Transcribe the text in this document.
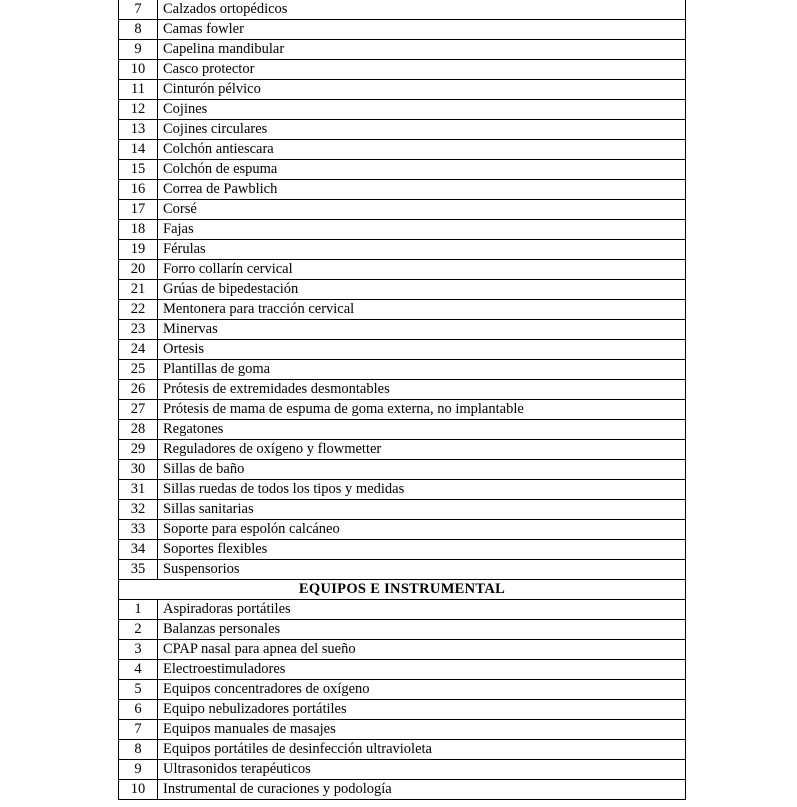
7	Calzados ortopédicos
8	Camas fowler
9	Capelina mandibular
10	Casco protector
11	Cinturón pélvico
12	Cojines
13	Cojines circulares
14	Colchón antiescara
15	Colchón de espuma
16	Correa de Pawblich
17	Corsé
18	Fajas
19	Férulas
20	Forro collarín cervical
21	Grúas de bipedestación
22	Mentonera para tracción cervical
23	Minervas
24	Ortesis
25	Plantillas de goma
26	Prótesis de extremidades desmontables
27	Prótesis de mama de espuma de goma externa, no implantable
28	Regatones
29	Reguladores de oxígeno y flowmetter
30	Sillas de baño
31	Sillas ruedas de todos los tipos y medidas
32	Sillas sanitarias
33	Soporte para espolón calcáneo
34	Soportes flexibles
35	Suspensorios
EQUIPOS E INSTRUMENTAL	
1	Aspiradoras portátiles
2	Balanzas personales
3	CPAP nasal para apnea del sueño
4	Electroestimuladores
5	Equipos concentradores de oxígeno
6	Equipo nebulizadores portátiles
7	Equipos manuales de masajes
8	Equipos portátiles de desinfección ultravioleta
9	Ultrasonidos terapéuticos
10	Instrumental de curaciones y podología
